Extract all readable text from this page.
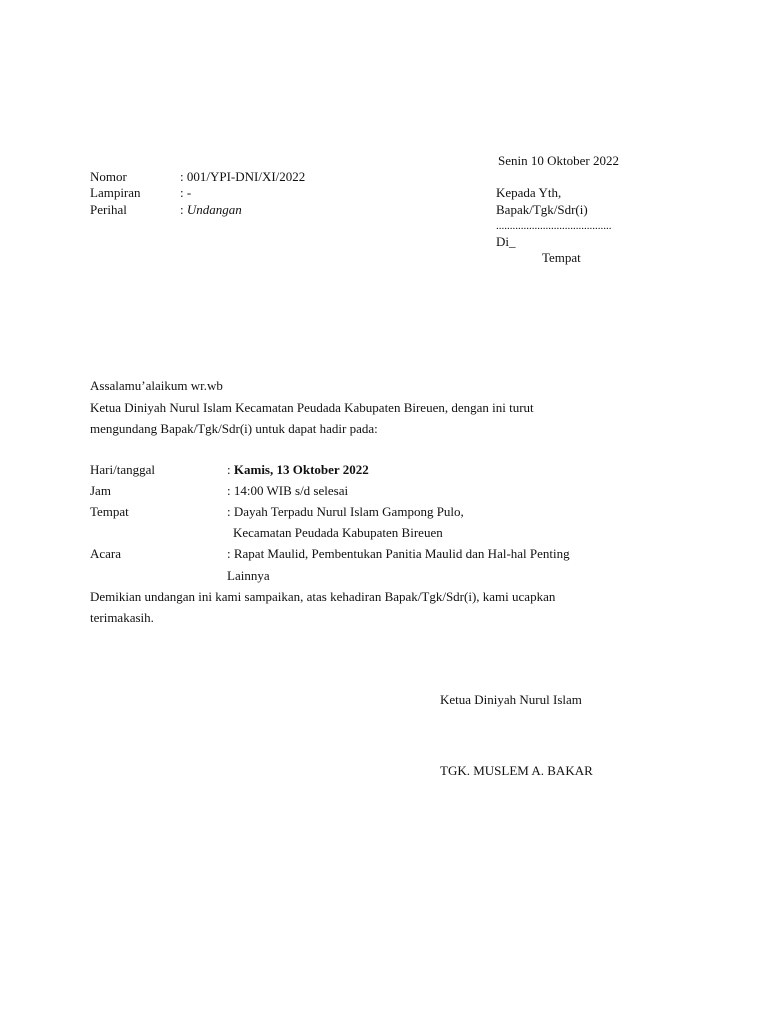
Senin 10 Oktober 2022
Nomor	: 001/YPI-DNI/XI/2022
Lampiran	: -
Perihal	: Undangan
Kepada Yth,
Bapak/Tgk/Sdr(i)
..........................................
Di_
Tempat
Assalamu’alaikum wr.wb
Ketua Diniyah Nurul Islam Kecamatan Peudada Kabupaten Bireuen, dengan ini turut
mengundang Bapak/Tgk/Sdr(i) untuk dapat hadir pada:
Hari/tanggal	: Kamis, 13 Oktober 2022
Jam	: 14:00 WIB s/d selesai
Tempat	: Dayah Terpadu Nurul Islam Gampong Pulo,
Kecamatan Peudada Kabupaten Bireuen
Acara	: Rapat Maulid, Pembentukan Panitia Maulid dan Hal-hal Penting
Lainnya
Demikian undangan ini kami sampaikan, atas kehadiran Bapak/Tgk/Sdr(i), kami ucapkan
terimakasih.
Ketua Diniyah Nurul Islam
TGK. MUSLEM A. BAKAR
